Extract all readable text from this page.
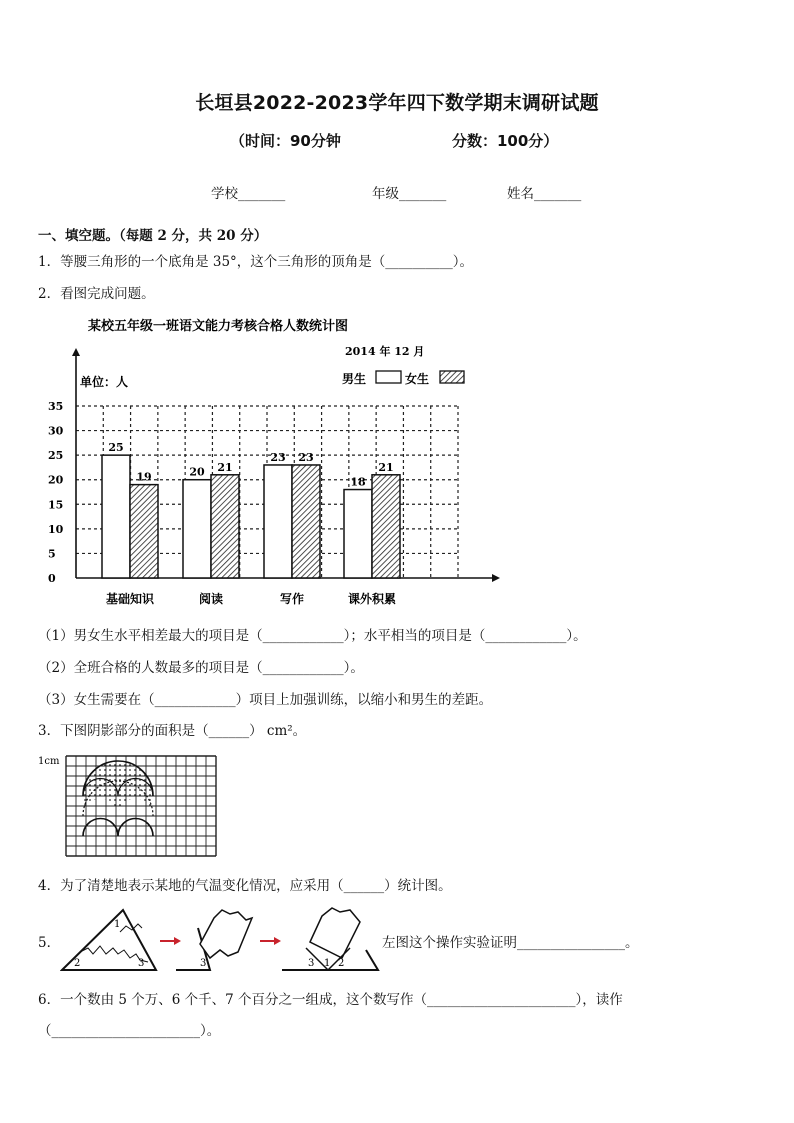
长垣县2022-2023学年四下数学期末调研试题
（时间：90分钟	分数：100分）
学校_______	年级_______	姓名_______
一、填空题。（每题 2 分，共 20 分）
1．等腰三角形的一个底角是 35°，这个三角形的顶角是（__________）。
2．看图完成问题。
某校五年级一班语文能力考核合格人数统计图
2014 年 12 月
单位：人	男生	女生
0
5
10
15
20
25
30
35
25
19
基础知识
20 21
阅读
23 23
写作
18
21
课外积累
（1）男女生水平相差最大的项目是（____________）；水平相当的项目是（____________）。
（2）全班合格的人数最多的项目是（____________）。
（3）女生需要在（____________）项目上加强训练，以缩小和男生的差距。
3．下图阴影部分的面积是（______） cm²。
1cm
4．为了清楚地表示某地的气温变化情况，应采用（______）统计图。
5．
1
2	3	3	3 1 2
左图这个操作实验证明________________。
6．一个数由 5 个万、6 个千、7 个百分之一组成，这个数写作（______________________），读作
（______________________）。
